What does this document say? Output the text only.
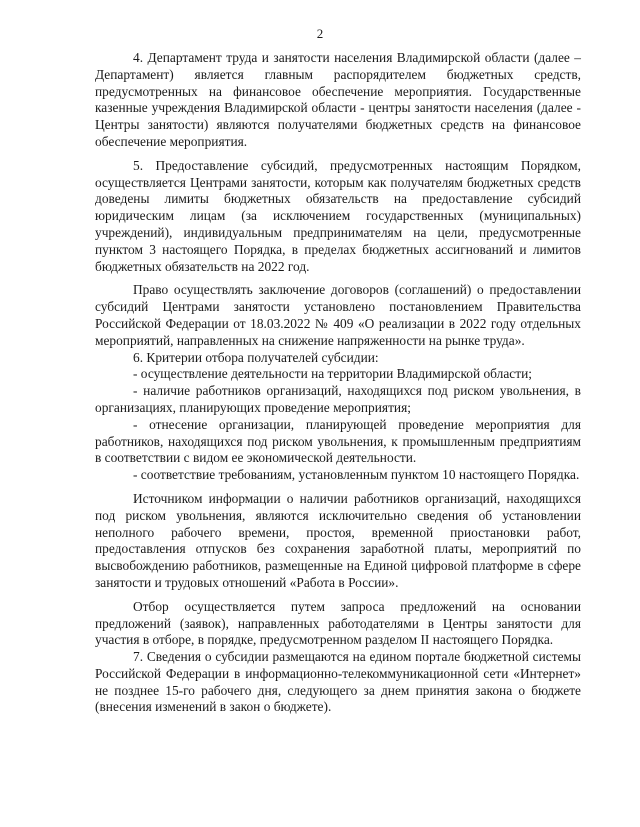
2

4. Департамент труда и занятости населения Владимирской области (далее – Департамент) является главным распорядителем бюджетных средств, предусмотренных на финансовое обеспечение мероприятия. Государственные казенные учреждения Владимирской области - центры занятости населения (далее - Центры занятости) являются получателями бюджетных средств на финансовое обеспечение мероприятия.

5. Предоставление субсидий, предусмотренных настоящим Порядком, осуществляется Центрами занятости, которым как получателям бюджетных средств доведены лимиты бюджетных обязательств на предоставление субсидий юридическим лицам (за исключением государственных (муниципальных) учреждений), индивидуальным предпринимателям на цели, предусмотренные пунктом 3 настоящего Порядка, в пределах бюджетных ассигнований и лимитов бюджетных обязательств на 2022 год.

Право осуществлять заключение договоров (соглашений) о предоставлении субсидий Центрами занятости установлено постановлением Правительства Российской Федерации от 18.03.2022 № 409 «О реализации в 2022 году отдельных мероприятий, направленных на снижение напряженности на рынке труда».

6. Критерии отбора получателей субсидии:

- осуществление деятельности на территории Владимирской области;

- наличие работников организаций, находящихся под риском увольнения, в организациях, планирующих проведение мероприятия;

- отнесение организации, планирующей проведение мероприятия для работников, находящихся под риском увольнения, к промышленным предприятиям в соответствии с видом ее экономической деятельности.

- соответствие требованиям, установленным пунктом 10 настоящего Порядка.

Источником информации о наличии работников организаций, находящихся под риском увольнения, являются исключительно сведения об установлении неполного рабочего времени, простоя, временной приостановки работ, предоставления отпусков без сохранения заработной платы, мероприятий по высвобождению работников, размещенные на Единой цифровой платформе в сфере занятости и трудовых отношений «Работа в России».

Отбор осуществляется путем запроса предложений на основании предложений (заявок), направленных работодателями в Центры занятости для участия в отборе, в порядке, предусмотренном разделом II настоящего Порядка.

7. Сведения о субсидии размещаются на едином портале бюджетной системы Российской Федерации в информационно-телекоммуникационной сети «Интернет» не позднее 15-го рабочего дня, следующего за днем принятия закона о бюджете (внесения изменений в закон о бюджете).
